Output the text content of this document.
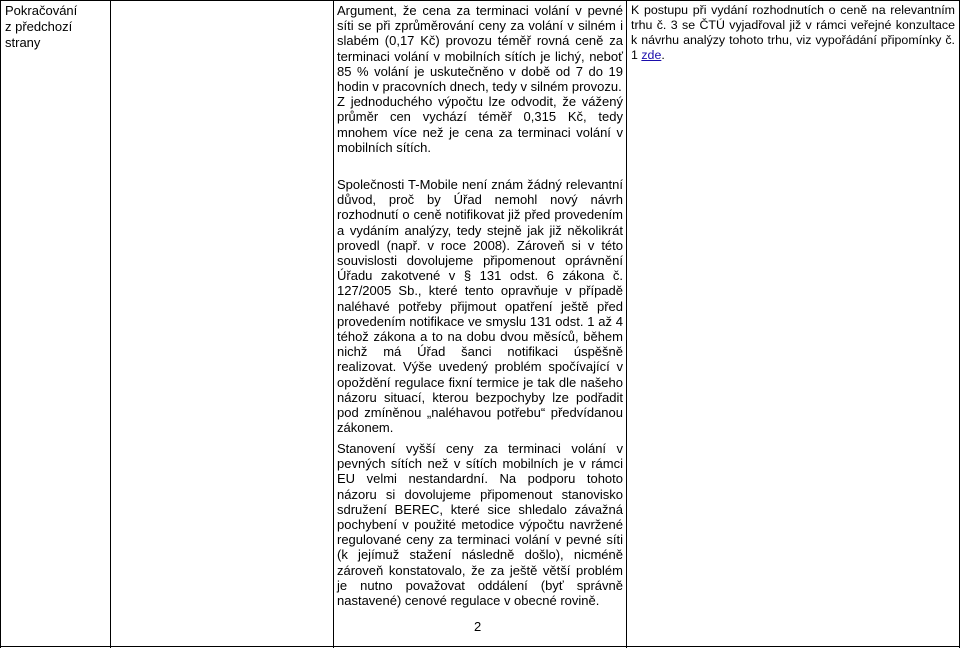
Pokračování
z předchozí
strany

Argument, že cena za terminaci volání v pevné síti se při zprůměrování ceny za volání v silném i slabém (0,17 Kč) provozu téměř rovná ceně za terminaci volání v mobilních sítích je lichý, neboť 85 % volání je uskutečněno v době od 7 do 19 hodin v pracovních dnech, tedy v silném provozu.

Z jednoduchého výpočtu lze odvodit, že vážený průměr cen vychází téměř 0,315 Kč, tedy mnohem více než je cena za terminaci volání v mobilních sítích.

Společnosti T-Mobile není znám žádný relevantní důvod, proč by Úřad nemohl nový návrh rozhodnutí o ceně notifikovat již před provedením a vydáním analýzy, tedy stejně jak již několikrát provedl (např. v roce 2008). Zároveň si v této souvislosti dovolujeme připomenout oprávnění Úřadu zakotvené v § 131 odst. 6 zákona č. 127/2005 Sb., které tento opravňuje v případě naléhavé potřeby přijmout opatření ještě před provedením notifikace ve smyslu 131 odst. 1 až 4 téhož zákona a to na dobu dvou měsíců, během nichž má Úřad šanci notifikaci úspěšně realizovat. Výše uvedený problém spočívající v opoždění regulace fixní termice je tak dle našeho názoru situací, kterou bezpochyby lze podřadit pod zmíněnou „naléhavou potřebu“ předvídanou zákonem.

Stanovení vyšší ceny za terminaci volání v pevných sítích než v sítích mobilních je v rámci EU velmi nestandardní. Na podporu tohoto názoru si dovolujeme připomenout stanovisko sdružení BEREC, které sice shledalo závažná pochybení v použité metodice výpočtu navržené regulované ceny za terminaci volání v pevné síti (k jejímuž stažení následně došlo), nicméně zároveň konstatovalo, že za ještě větší problém je nutno považovat oddálení (byť správně nastavené) cenové regulace v obecné rovině.

K postupu při vydání rozhodnutích o ceně na relevantním trhu č. 3 se ČTÚ vyjadřoval již v rámci veřejné konzultace k návrhu analýzy tohoto trhu, viz vypořádání připomínky č. 1 zde.

2
